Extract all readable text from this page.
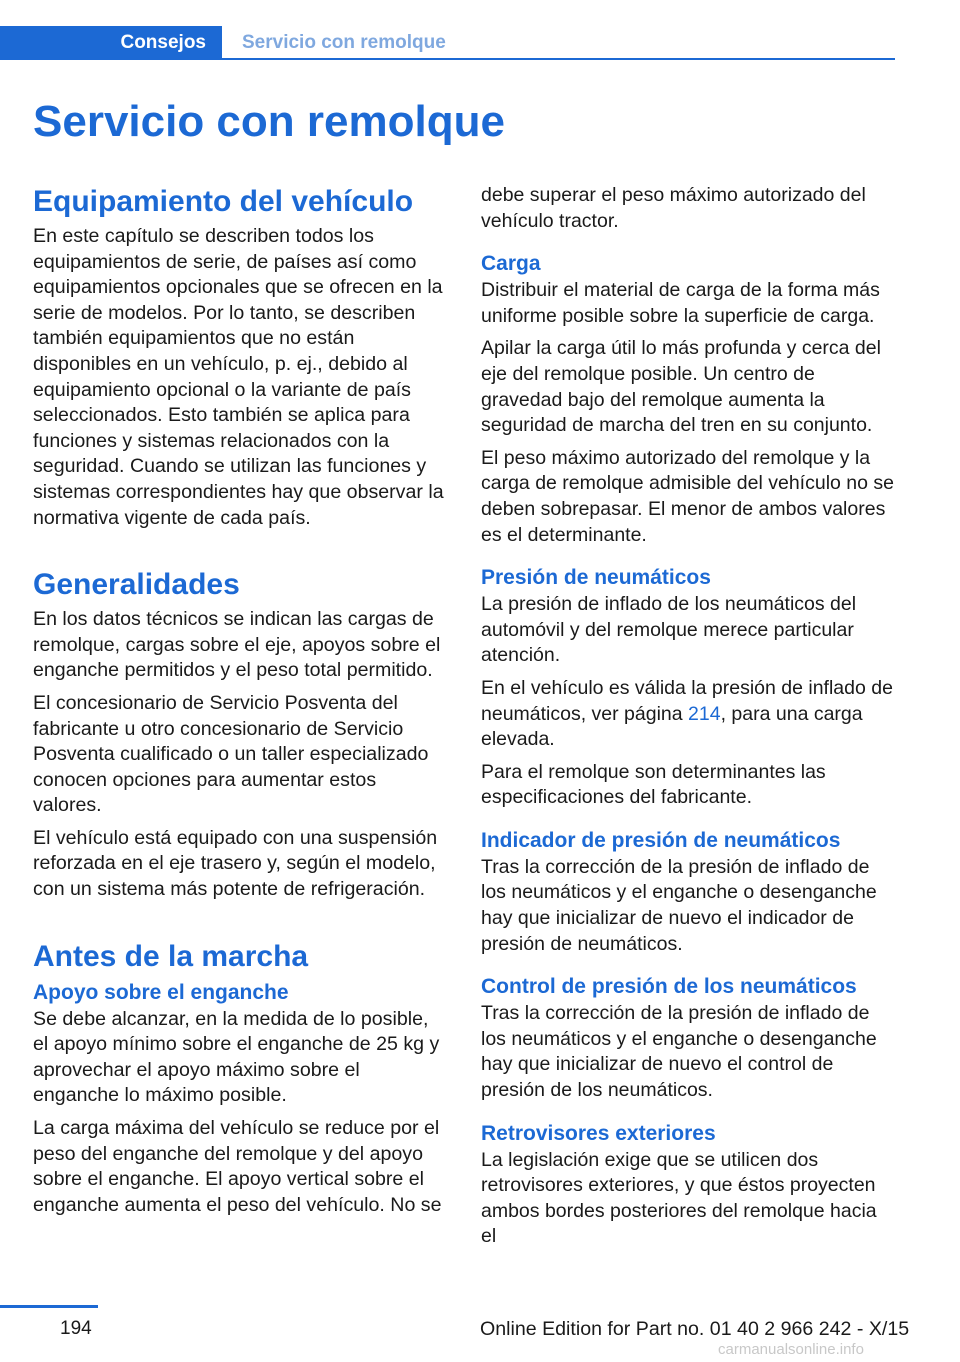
Consejos	Servicio con remolque
Servicio con remolque
Equipamiento del vehículo

En este capítulo se describen todos los equipamientos de serie, de países así como equipamientos opcionales que se ofrecen en la serie de modelos. Por lo tanto, se describen también equipamientos que no están disponibles en un vehículo, p. ej., debido al equipamiento opcional o la variante de país seleccionados. Esto también se aplica para funciones y sistemas relacionados con la seguridad. Cuando se utilizan las funciones y sistemas correspondientes hay que observar la normativa vigente de cada país.

Generalidades

En los datos técnicos se indican las cargas de remolque, cargas sobre el eje, apoyos sobre el enganche permitidos y el peso total permitido.

El concesionario de Servicio Posventa del fabricante u otro concesionario de Servicio Posventa cualificado o un taller especializado conocen opciones para aumentar estos valores.

El vehículo está equipado con una suspensión reforzada en el eje trasero y, según el modelo, con un sistema más potente de refrigeración.

Antes de la marcha
Apoyo sobre el enganche

Se debe alcanzar, en la medida de lo posible, el apoyo mínimo sobre el enganche de 25 kg y aprovechar el apoyo máximo sobre el enganche lo máximo posible.

La carga máxima del vehículo se reduce por el peso del enganche del remolque y del apoyo sobre el enganche. El apoyo vertical sobre el enganche aumenta el peso del vehículo. No se

debe superar el peso máximo autorizado del vehículo tractor.

Carga

Distribuir el material de carga de la forma más uniforme posible sobre la superficie de carga.

Apilar la carga útil lo más profunda y cerca del eje del remolque posible. Un centro de gravedad bajo del remolque aumenta la seguridad de marcha del tren en su conjunto.

El peso máximo autorizado del remolque y la carga de remolque admisible del vehículo no se deben sobrepasar. El menor de ambos valores es el determinante.

Presión de neumáticos

La presión de inflado de los neumáticos del automóvil y del remolque merece particular atención.

En el vehículo es válida la presión de inflado de neumáticos, ver página 214, para una carga elevada.

Para el remolque son determinantes las especificaciones del fabricante.

Indicador de presión de neumáticos

Tras la corrección de la presión de inflado de los neumáticos y el enganche o desenganche hay que inicializar de nuevo el indicador de presión de neumáticos.

Control de presión de los neumáticos

Tras la corrección de la presión de inflado de los neumáticos y el enganche o desenganche hay que inicializar de nuevo el control de presión de los neumáticos.

Retrovisores exteriores

La legislación exige que se utilicen dos retrovisores exteriores, y que éstos proyecten ambos bordes posteriores del remolque hacia el

194	Online Edition for Part no. 01 40 2 966 242 - X/15
carmanualsonline.info
